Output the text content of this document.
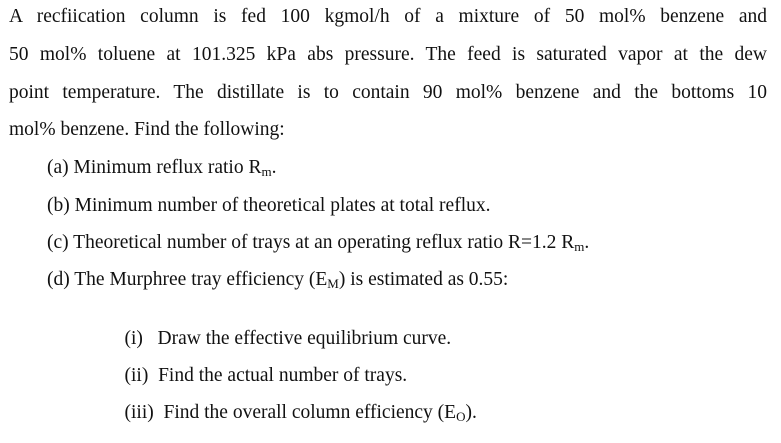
A recfiication column is fed 100 kgmol/h of a mixture of 50 mol% benzene and
50 mol% toluene at 101.325 kPa abs pressure. The feed is saturated vapor at the dew
point temperature. The distillate is to contain 90 mol% benzene and the bottoms 10
mol% benzene. Find the following:
(a) Minimum reflux ratio $R_m$.
(b) Minimum number of theoretical plates at total reflux.
(c) Theoretical number of trays at an operating reflux ratio R=1.2 $R_m$.
(d) The Murphree tray efficiency $(E_M)$ is estimated as 0.55:

(i)   Draw the effective equilibrium curve.

(ii)  Find the actual number of trays.

(iii)  Find the overall column efficiency $(E_O)$.
